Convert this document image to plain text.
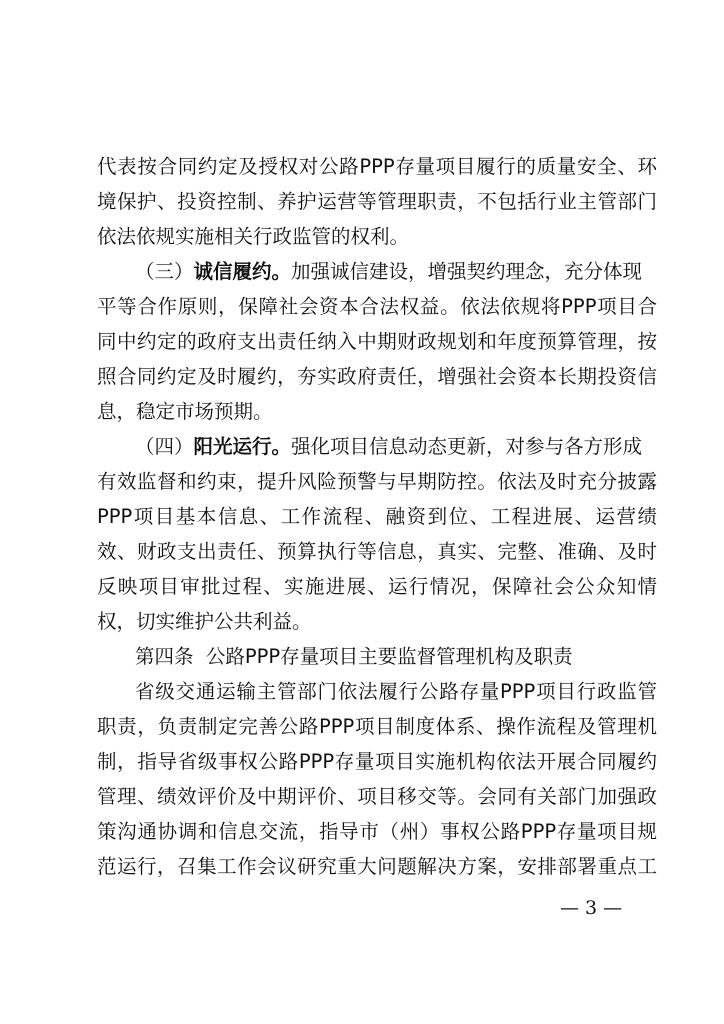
代表按合同约定及授权对公路PPP存量项目履行的质量安全、环
境保护、投资控制、养护运营等管理职责，不包括行业主管部门
依法依规实施相关行政监管的权利。
（三）诚信履约。加强诚信建设，增强契约理念，充分体现
平等合作原则，保障社会资本合法权益。依法依规将PPP项目合
同中约定的政府支出责任纳入中期财政规划和年度预算管理，按
照合同约定及时履约，夯实政府责任，增强社会资本长期投资信
息，稳定市场预期。
（四）阳光运行。强化项目信息动态更新，对参与各方形成
有效监督和约束，提升风险预警与早期防控。依法及时充分披露
PPP项目基本信息、工作流程、融资到位、工程进展、运营绩
效、财政支出责任、预算执行等信息，真实、完整、准确、及时
反映项目审批过程、实施进展、运行情况，保障社会公众知情
权，切实维护公共利益。
第四条  公路PPP存量项目主要监督管理机构及职责
省级交通运输主管部门依法履行公路存量PPP项目行政监管
职责，负责制定完善公路PPP项目制度体系、操作流程及管理机
制，指导省级事权公路PPP存量项目实施机构依法开展合同履约
管理、绩效评价及中期评价、项目移交等。会同有关部门加强政
策沟通协调和信息交流，指导市（州）事权公路PPP存量项目规
范运行，召集工作会议研究重大问题解决方案，安排部署重点工
— 3 —
